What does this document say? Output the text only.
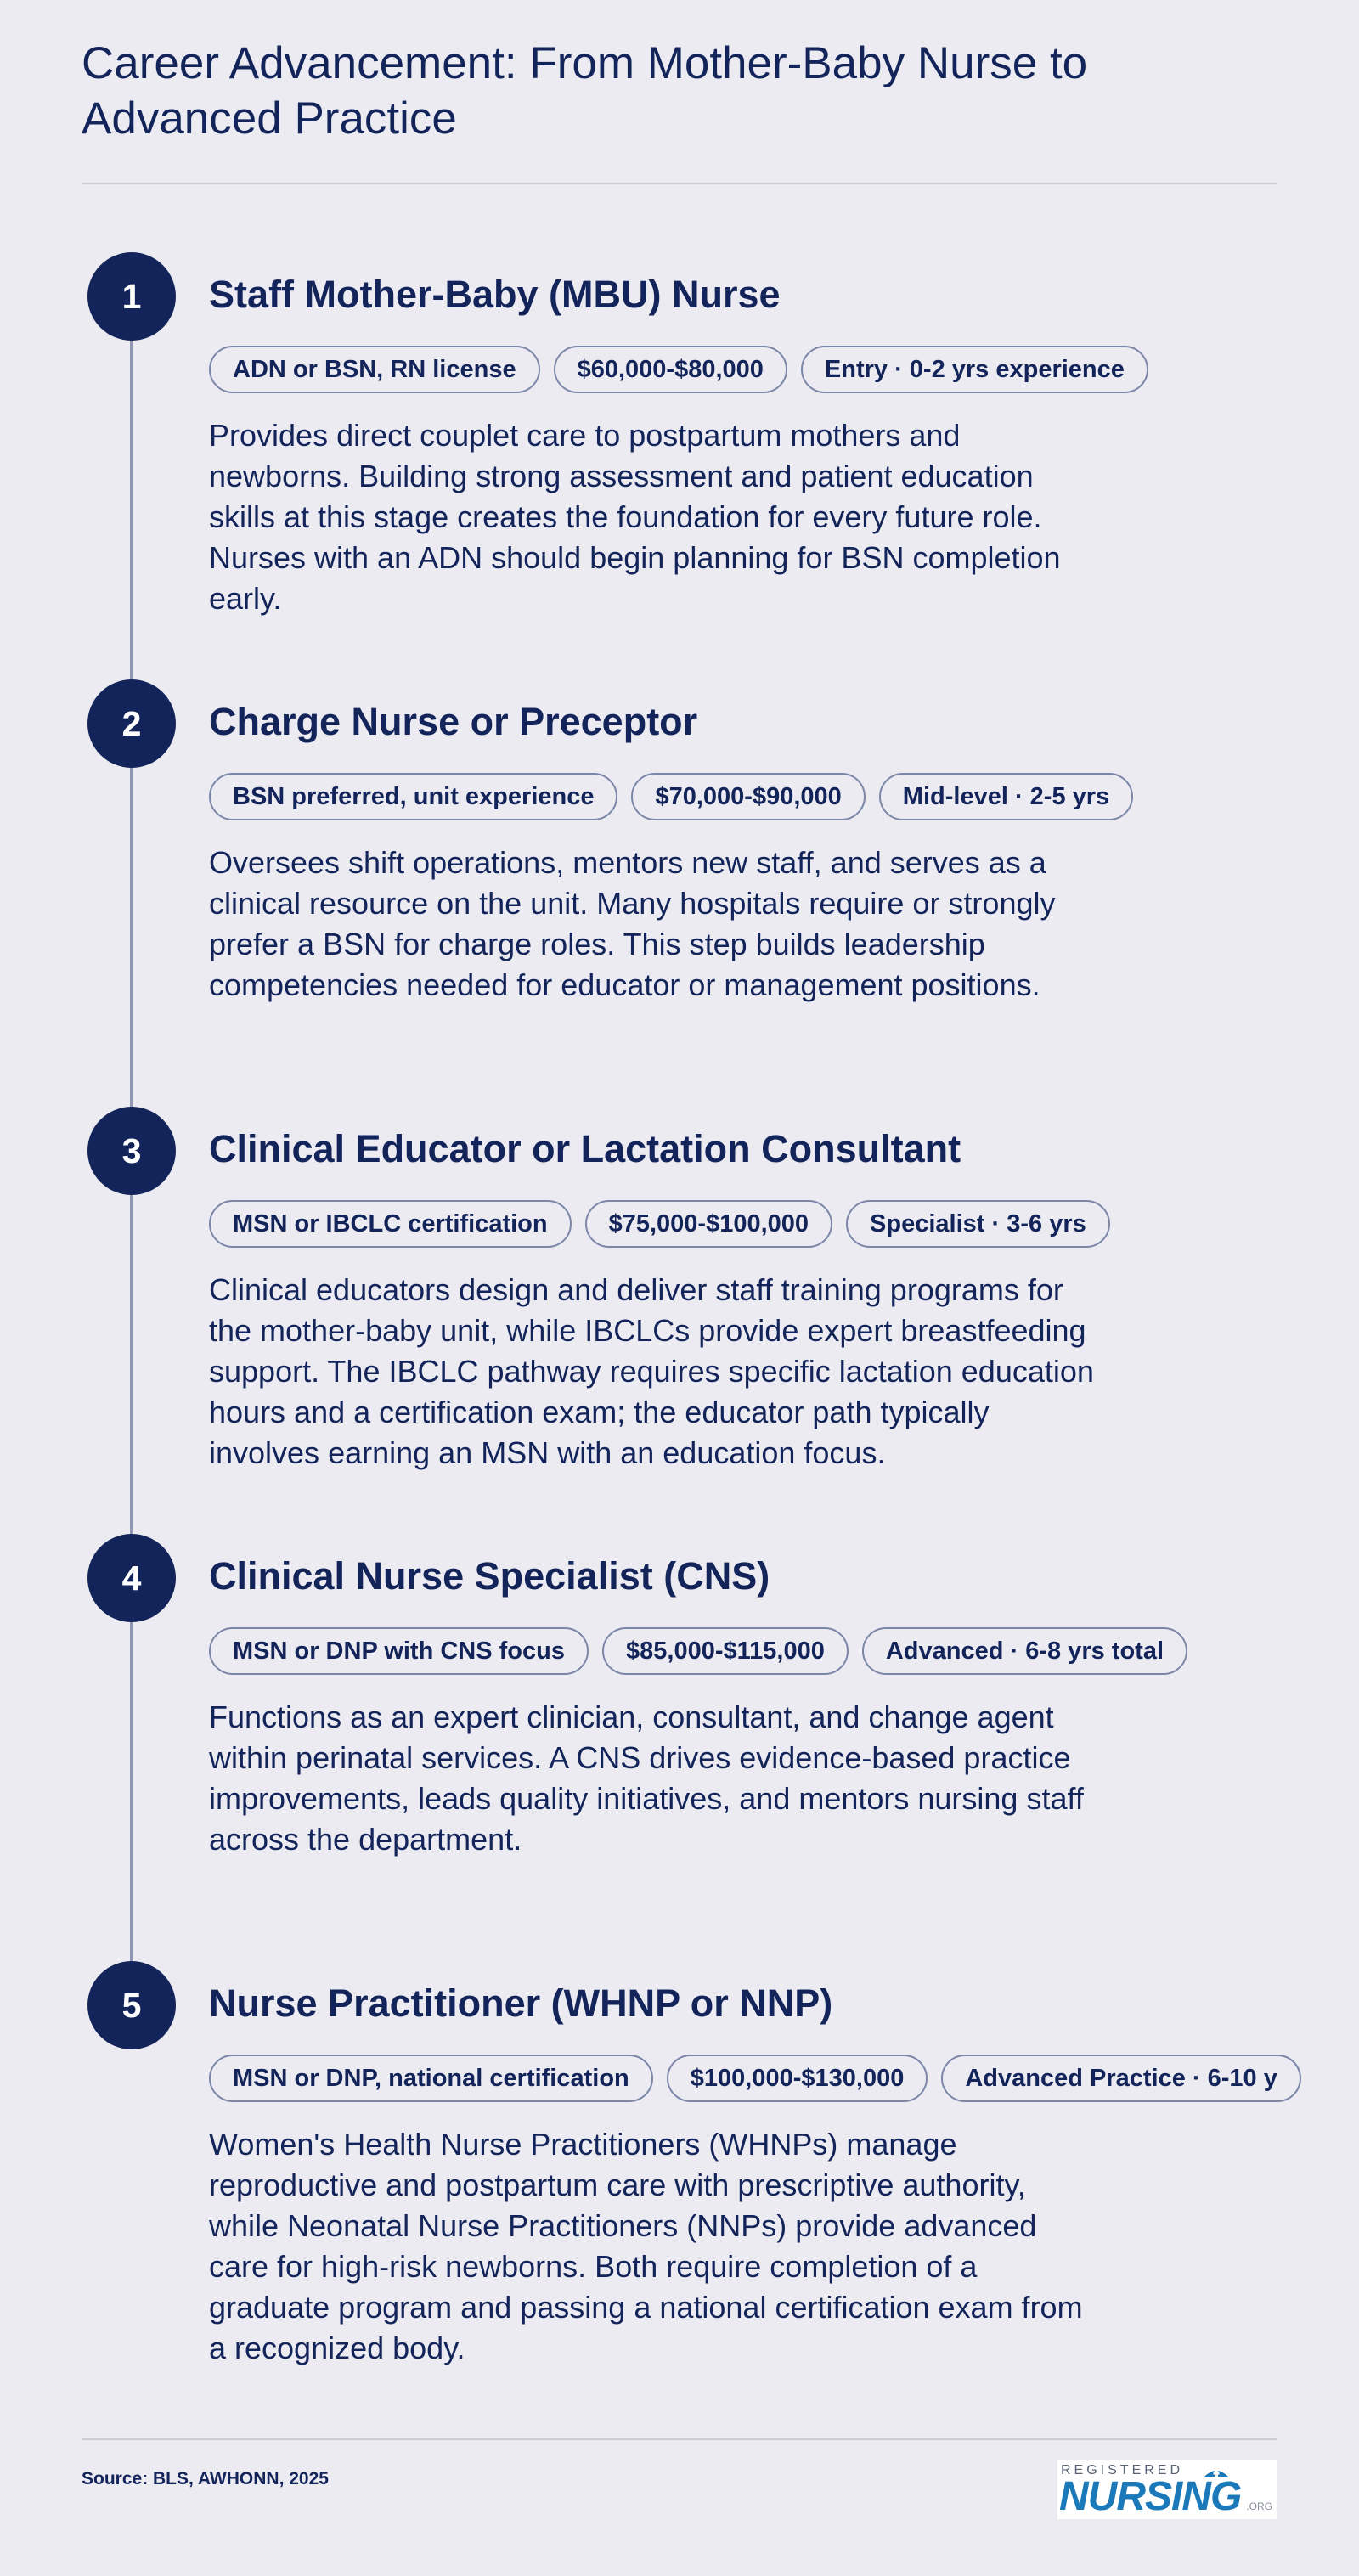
Career Advancement: From Mother-Baby Nurse to Advanced Practice
1	Staff Mother-Baby (MBU) Nurse
ADN or BSN, RN license	$60,000-$80,000	Entry · 0-2 yrs experience

Provides direct couplet care to postpartum mothers and newborns. Building strong assessment and patient education skills at this stage creates the foundation for every future role. Nurses with an ADN should begin planning for BSN completion early.

2	Charge Nurse or Preceptor
BSN preferred, unit experience	$70,000-$90,000	Mid-level · 2-5 yrs

Oversees shift operations, mentors new staff, and serves as a clinical resource on the unit. Many hospitals require or strongly prefer a BSN for charge roles. This step builds leadership competencies needed for educator or management positions.

3	Clinical Educator or Lactation Consultant
MSN or IBCLC certification	$75,000-$100,000	Specialist · 3-6 yrs

Clinical educators design and deliver staff training programs for the mother-baby unit, while IBCLCs provide expert breastfeeding support. The IBCLC pathway requires specific lactation education hours and a certification exam; the educator path typically involves earning an MSN with an education focus.

4	Clinical Nurse Specialist (CNS)
MSN or DNP with CNS focus	$85,000-$115,000	Advanced · 6-8 yrs total

Functions as an expert clinician, consultant, and change agent within perinatal services. A CNS drives evidence-based practice improvements, leads quality initiatives, and mentors nursing staff across the department.

5	Nurse Practitioner (WHNP or NNP)
MSN or DNP, national certification	$100,000-$130,000	Advanced Practice · 6-10 y

Women's Health Nurse Practitioners (WHNPs) manage reproductive and postpartum care with prescriptive authority, while Neonatal Nurse Practitioners (NNPs) provide advanced care for high-risk newborns. Both require completion of a graduate program and passing a national certification exam from a recognized body.

Source: BLS, AWHONN, 2025	REGISTERED
NURSING .ORG
